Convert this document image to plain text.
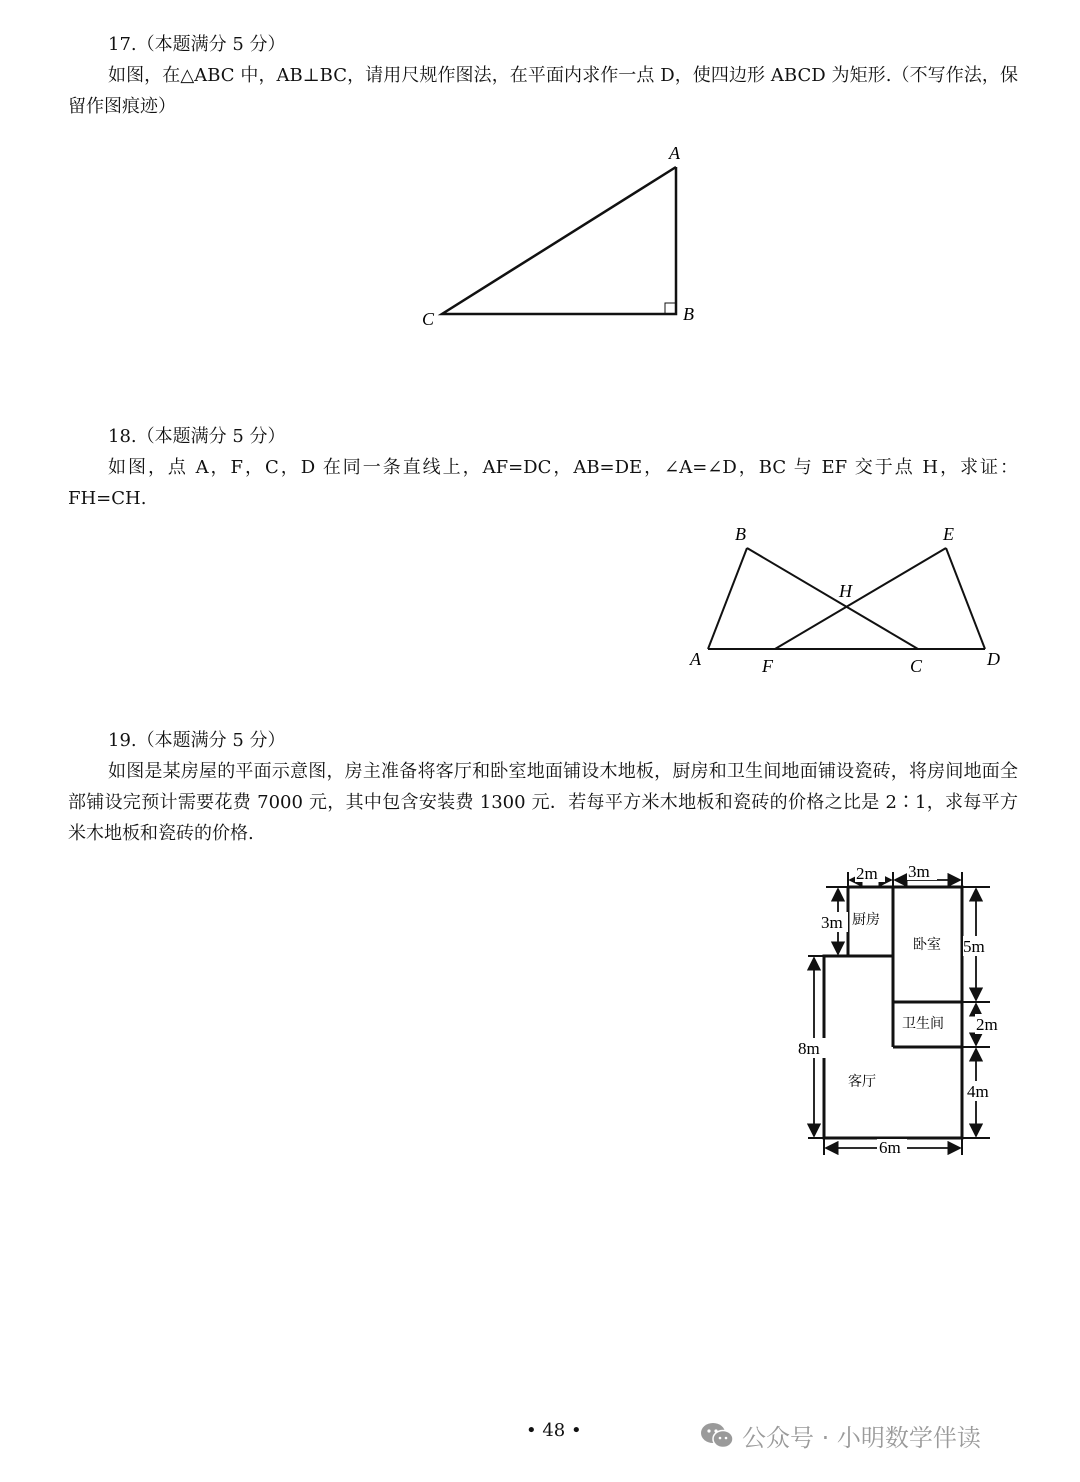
17.（本题满分 5 分）

如图，在△ABC 中，AB⊥BC，请用尺规作图法，在平面内求作一点 D，使四边形 ABCD 为矩形.（不写作法，保留作图痕迹）

A
B
C
18.（本题满分 5 分）

如图，点 A，F，C，D 在同一条直线上，AF=DC，AB=DE，∠A=∠D，BC 与 EF 交于点 H，求证：FH=CH.

B	E
H
A	F	C	D
19.（本题满分 5 分）

如图是某房屋的平面示意图，房主准备将客厅和卧室地面铺设木地板，厨房和卫生间地面铺设瓷砖，将房间地面全部铺设完预计需要花费 7000 元，其中包含安装费 1300 元．若每平方米木地板和瓷砖的价格之比是 2∶1，求每平方米木地板和瓷砖的价格.

2m 3m
3m
8m
5m
2m
4m
6m
厨房
卧室
卫生间
客厅
• 48 •	公众号 · 小明数学伴读
